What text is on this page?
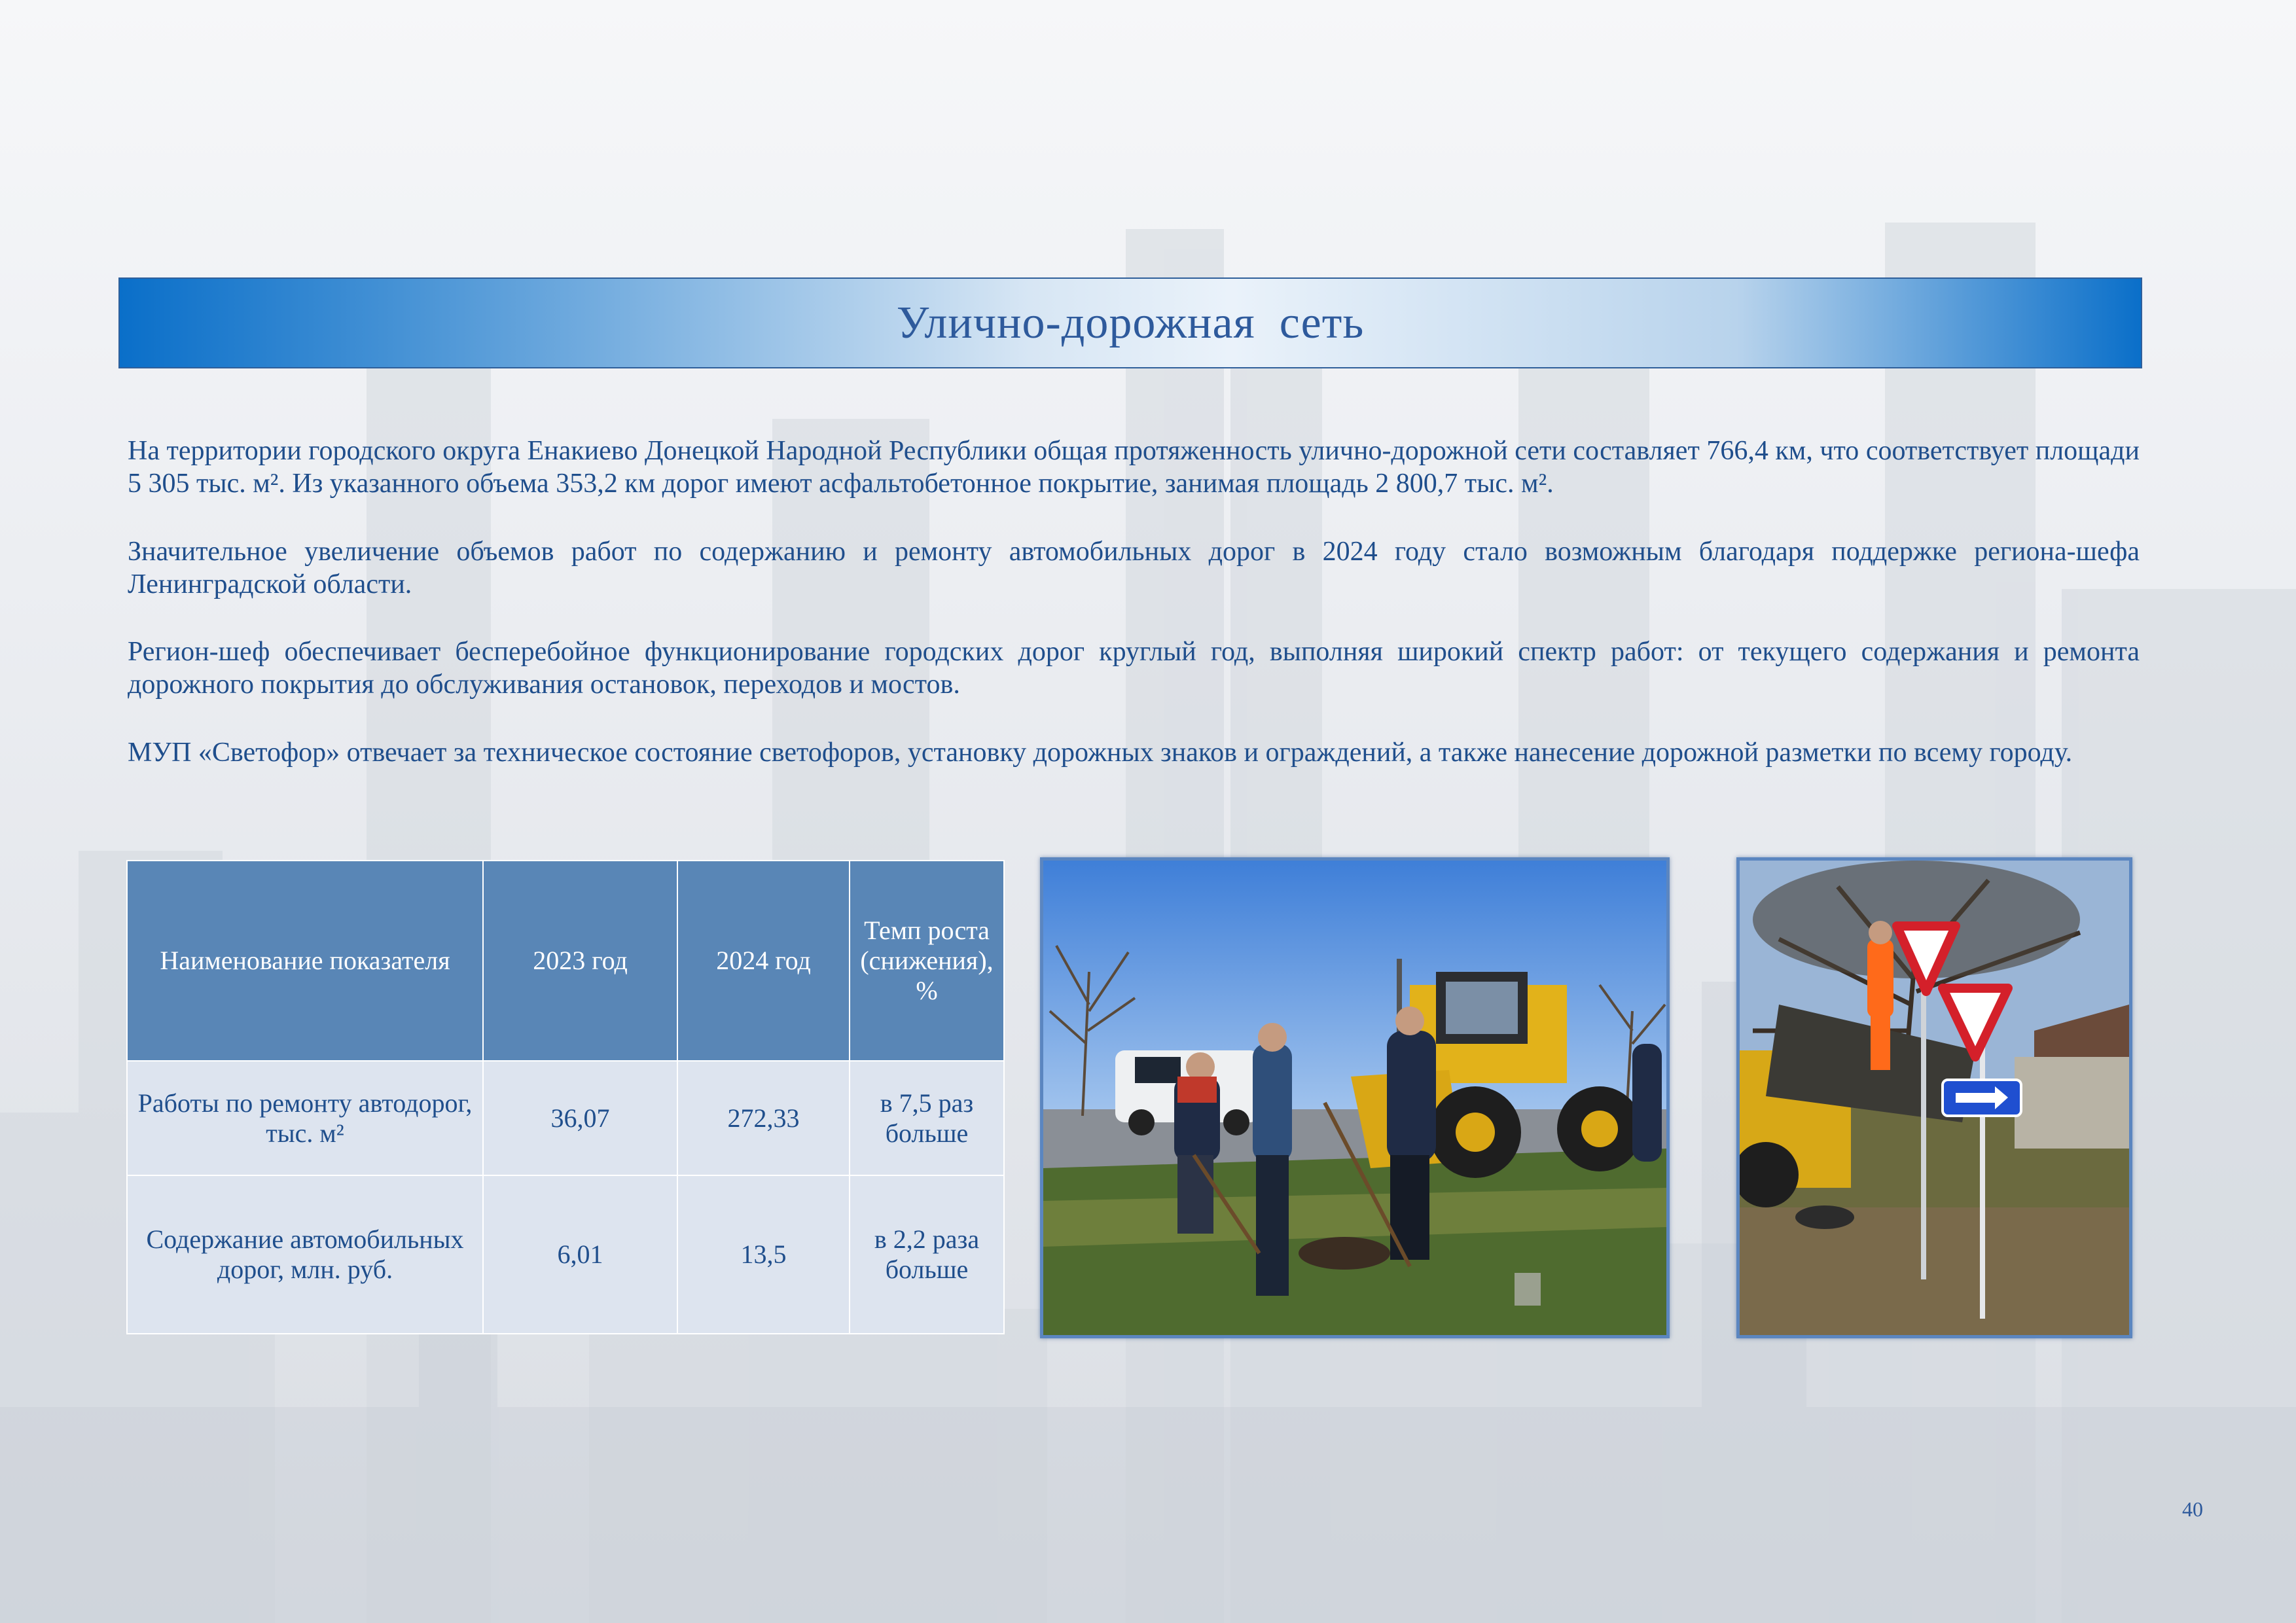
Улично-дорожная  сеть

На территории городского округа Енакиево Донецкой Народной Республики общая протяженность улично-дорожной сети составляет 766,4 км, что соответствует площади 5 305 тыс. м². Из указанного объема 353,2 км дорог имеют асфальтобетонное покрытие, занимая площадь 2 800,7 тыс. м².

Значительное увеличение объемов работ по содержанию и ремонту автомобильных дорог в 2024 году стало возможным благодаря поддержке региона-шефа Ленинградской области.

Регион-шеф обеспечивает бесперебойное функционирование городских дорог круглый год, выполняя широкий спектр работ: от текущего содержания и ремонта дорожного покрытия до обслуживания остановок, переходов и мостов.

МУП «Светофор» отвечает за техническое состояние светофоров, установку дорожных знаков и ограждений, а также нанесение дорожной разметки по всему городу.

Наименование показателя	2023 год	2024 год	Темп роста (снижения), %
Работы по ремонту автодорог, тыс. м²	36,07	272,33	в 7,5 раз больше
Содержание автомобильных дорог, млн. руб.	6,01	13,5	в 2,2 раза больше
40
